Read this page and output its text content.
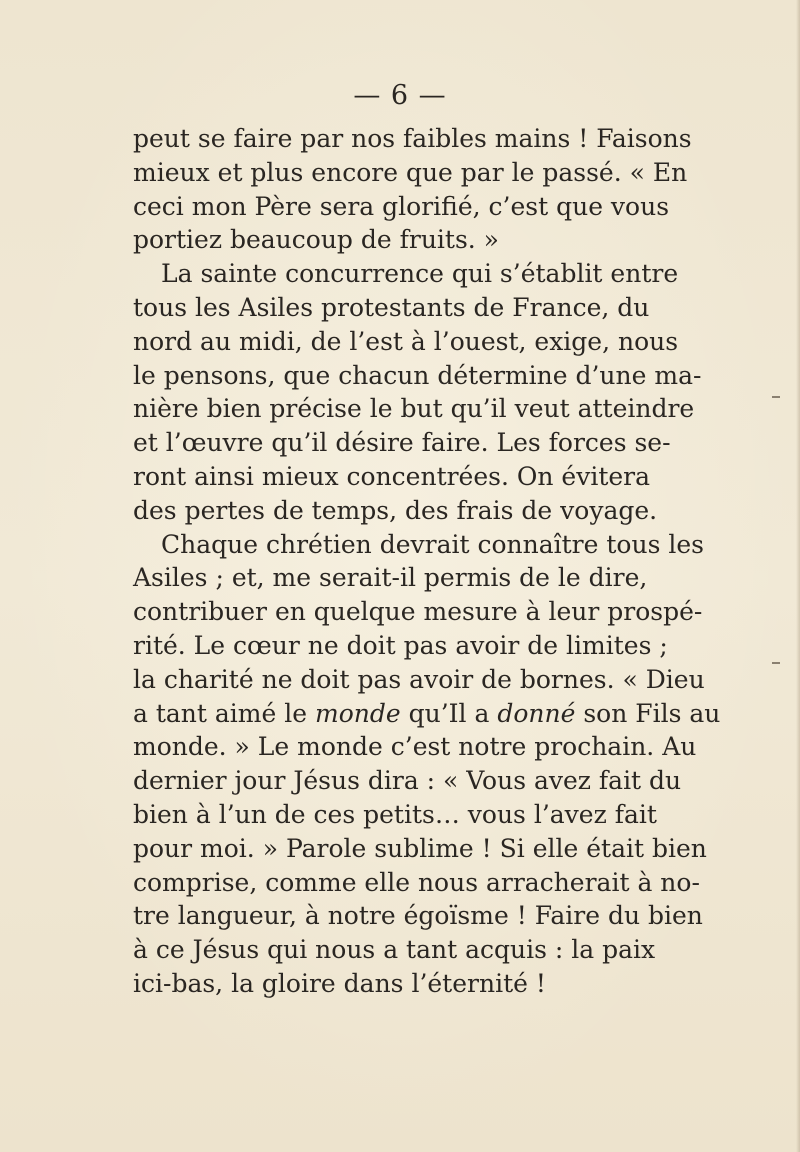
— 6 —

peut se faire par nos faibles mains ! Faisons
mieux et plus encore que par le passé. « En
ceci mon Père sera glorifié, c’est que vous
portiez beaucoup de fruits. »

La sainte concurrence qui s’établit entre
tous les Asiles protestants de France, du
nord au midi, de l’est à l’ouest, exige, nous
le pensons, que chacun détermine d’une ma-
nière bien précise le but qu’il veut atteindre
et l’œuvre qu’il désire faire. Les forces se-
ront ainsi mieux concentrées. On évitera
des pertes de temps, des frais de voyage.

Chaque chrétien devrait connaître tous les
Asiles ; et, me serait-il permis de le dire,
contribuer en quelque mesure à leur prospé-
rité. Le cœur ne doit pas avoir de limites ;
la charité ne doit pas avoir de bornes. « Dieu
a tant aimé le monde qu’Il a donné son Fils au
monde. » Le monde c’est notre prochain. Au
dernier jour Jésus dira : « Vous avez fait du
bien à l’un de ces petits… vous l’avez fait
pour moi. » Parole sublime ! Si elle était bien
comprise, comme elle nous arracherait à no-
tre langueur, à notre égoïsme ! Faire du bien
à ce Jésus qui nous a tant acquis : la paix
ici-bas, la gloire dans l’éternité !
